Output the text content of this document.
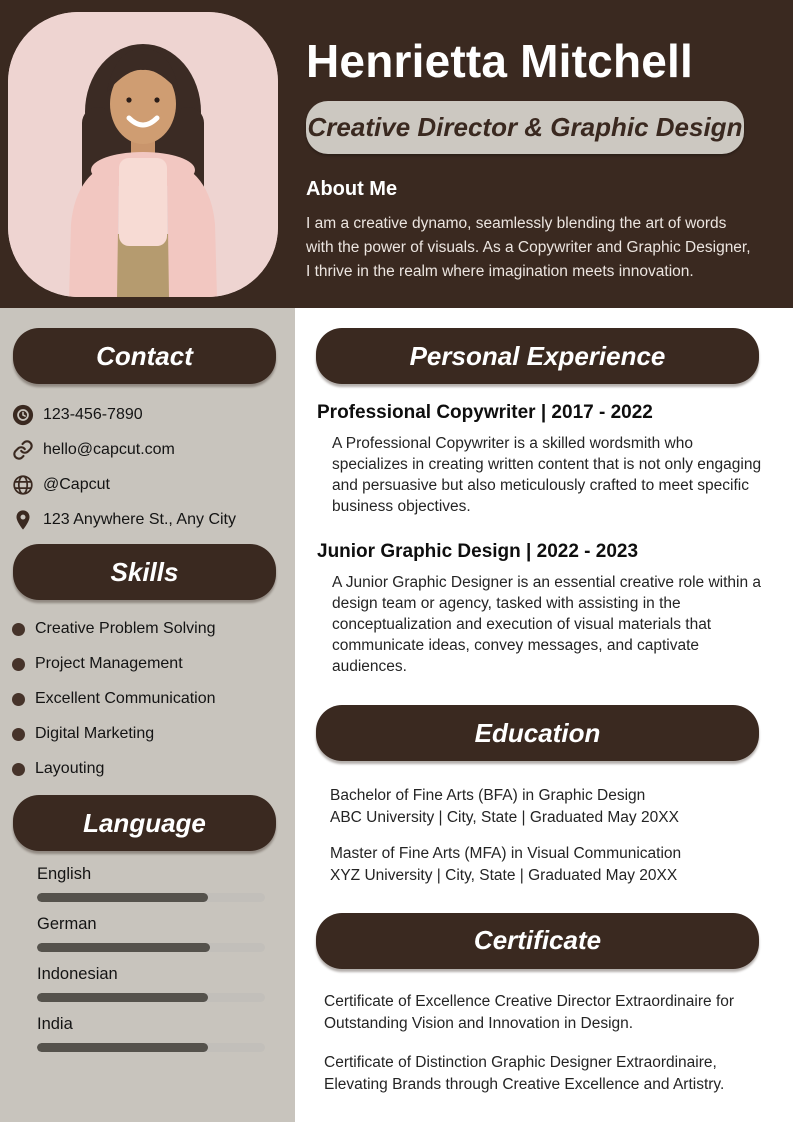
Henrietta Mitchell
Creative Director & Graphic Design
About Me
I am a creative dynamo, seamlessly blending the art of words with the power of visuals. As a Copywriter and Graphic Designer, I thrive in the realm where imagination meets innovation.
Contact
123-456-7890
hello@capcut.com
@Capcut
123 Anywhere St., Any City
Skills
Creative Problem Solving
Project Management
Excellent Communication
Digital Marketing
Layouting
Language
English
German
Indonesian
India
Personal Experience
Professional Copywriter | 2017 - 2022
A Professional Copywriter is a skilled wordsmith who specializes in creating written content that is not only engaging and persuasive but also meticulously crafted to meet specific business objectives.
Junior Graphic Design | 2022 - 2023
A Junior Graphic Designer is an essential creative role within a design team or agency, tasked with assisting in the conceptualization and execution of visual materials that communicate ideas, convey messages, and captivate audiences.
Education
Bachelor of Fine Arts (BFA) in Graphic Design
ABC University | City, State | Graduated May 20XX
Master of Fine Arts (MFA) in Visual Communication
XYZ University | City, State | Graduated May 20XX
Certificate
Certificate of Excellence Creative Director Extraordinaire for Outstanding Vision and Innovation in Design.
Certificate of Distinction Graphic Designer Extraordinaire, Elevating Brands through Creative Excellence and Artistry.
